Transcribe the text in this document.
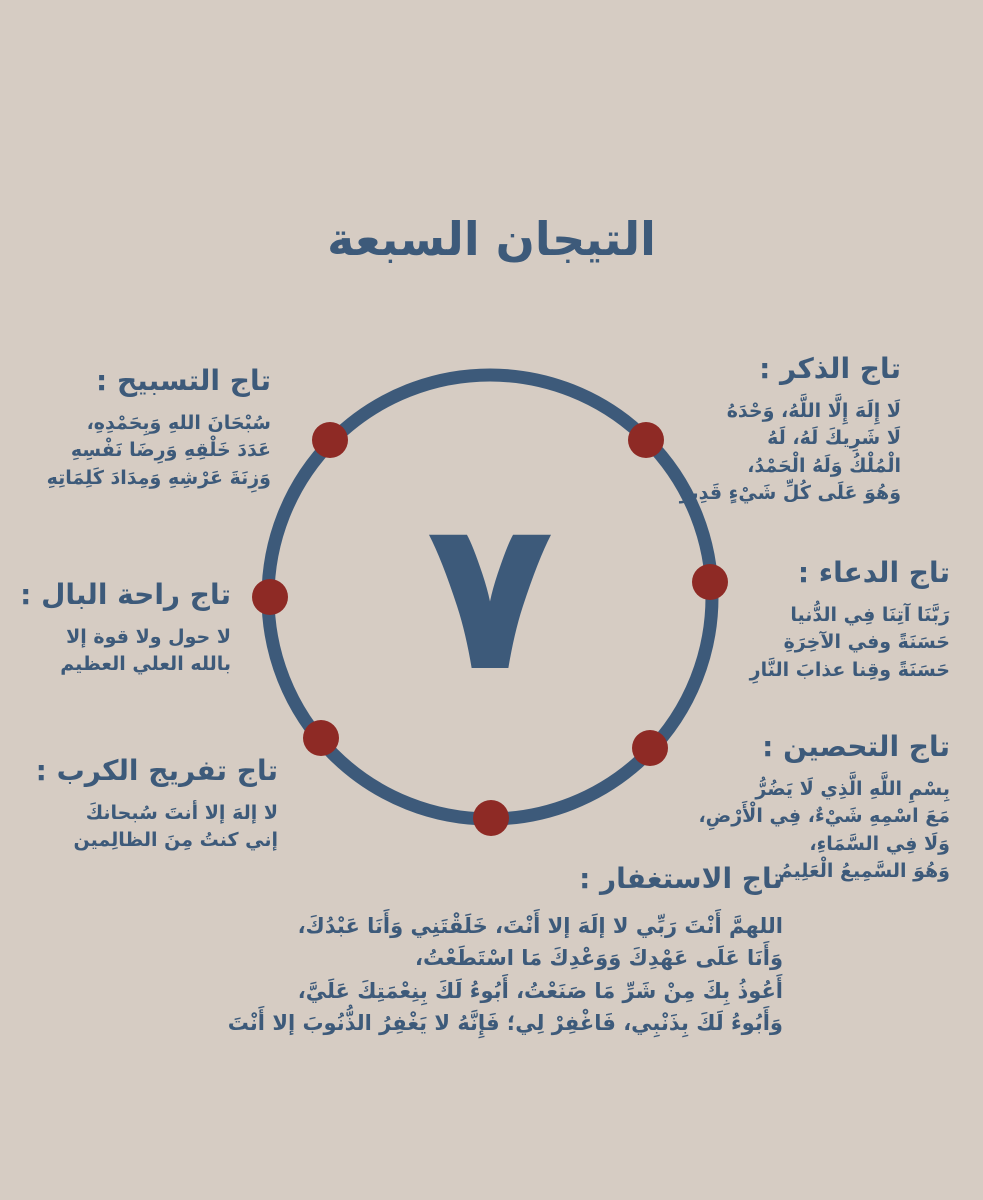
التيجان السبعة
٧
تاج الذكر :
لَا إِلَهَ إِلَّا اللَّهُ، وَحْدَهُ
لَا شَرِيكَ لَهُ، لَهُ
الْمُلْكُ وَلَهُ الْحَمْدُ،
وَهُوَ عَلَى كُلِّ شَيْءٍ قَدِيرٌ
تاج الدعاء :
رَبَّنَا آتِنَا فِي الدُّنيا
حَسَنَةً وفي الآخِرَةِ
حَسَنَةً وقِنا عذابَ النَّارِ
تاج التحصين :
بِسْمِ اللَّهِ الَّذِي لَا يَضُرُّ
مَعَ اسْمِهِ شَيْءٌ، فِي الْأَرْضِ،
وَلَا فِي السَّمَاءِ،
وَهُوَ السَّمِيعُ الْعَلِيمُ
تاج التسبيح :
سُبْحَانَ اللهِ وَبِحَمْدِهِ،
عَدَدَ خَلْقِهِ وَرِضَا نَفْسِهِ
وَزِنَةَ عَرْشِهِ وَمِدَادَ كَلِمَاتِهِ
تاج راحة البال :
لا حول ولا قوة إلا
بالله العلي العظيم
تاج تفريج الكرب :
لا إلهَ إلا أنتَ سُبحانكَ
إني كنتُ مِنَ الظالِمين
تاج الاستغفار :
اللهمَّ أَنْتَ رَبِّي لا إلَهَ إلا أَنْتَ، خَلَقْتَنِي وَأَنَا عَبْدُكَ،
وَأَنَا عَلَى عَهْدِكَ وَوَعْدِكَ مَا اسْتَطَعْتُ،
أَعُوذُ بِكَ مِنْ شَرِّ مَا صَنَعْتُ، أَبُوءُ لَكَ بِنِعْمَتِكَ عَلَيَّ،
وَأَبُوءُ لَكَ بِذَنْبِي، فَاغْفِرْ لِي؛ فَإِنَّهُ لا يَغْفِرُ الذُّنُوبَ إلا أَنْتَ
